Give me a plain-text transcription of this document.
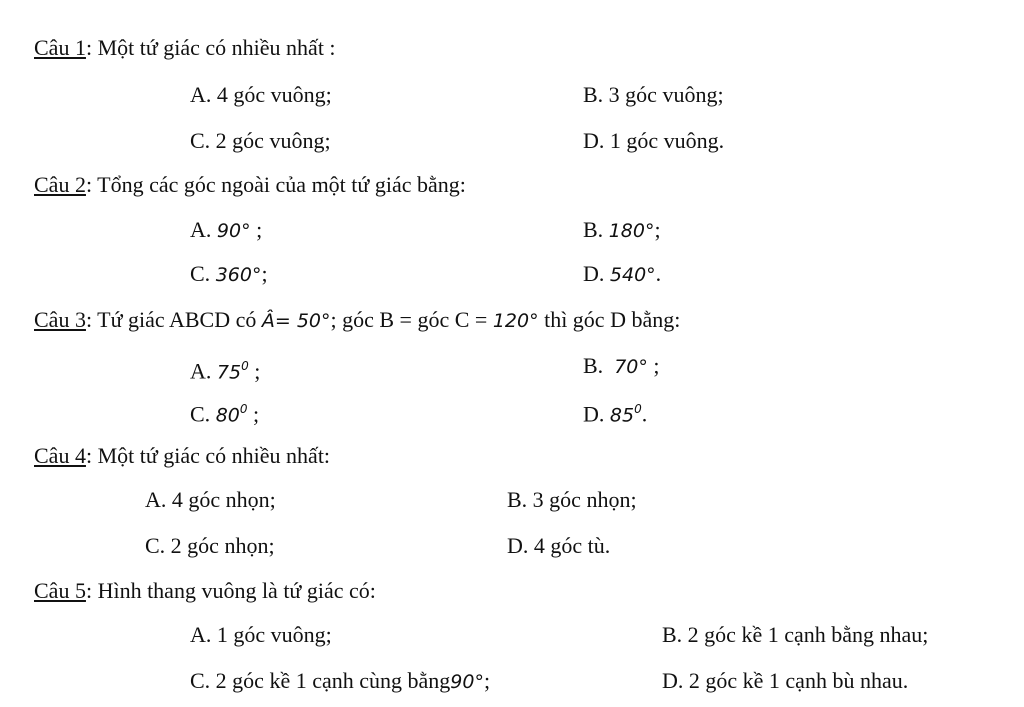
Câu 1: Một tứ giác có nhiều nhất :
A. 4 góc vuông;	B. 3 góc vuông;
C. 2 góc vuông;	D. 1 góc vuông.
Câu 2: Tổng các góc ngoài của một tứ giác bằng:
A. 90° ;	B. 180°;
C. 360°;	D. 540°.
Câu 3: Tứ giác ABCD có Â= 50°; góc B = góc C = 120° thì góc D bằng:
A. $75^0$ ;	B. 70° ;
C. $80^0$ ;	D. $85^0$.
Câu 4: Một tứ giác có nhiều nhất:
A. 4 góc nhọn;	B. 3 góc nhọn;
C. 2 góc nhọn;	D. 4 góc tù.
Câu 5: Hình thang vuông là tứ giác có:
A. 1 góc vuông;	B. 2 góc kề 1 cạnh bằng nhau;
C. 2 góc kề 1 cạnh cùng bằng90°;	D. 2 góc kề 1 cạnh bù nhau.
